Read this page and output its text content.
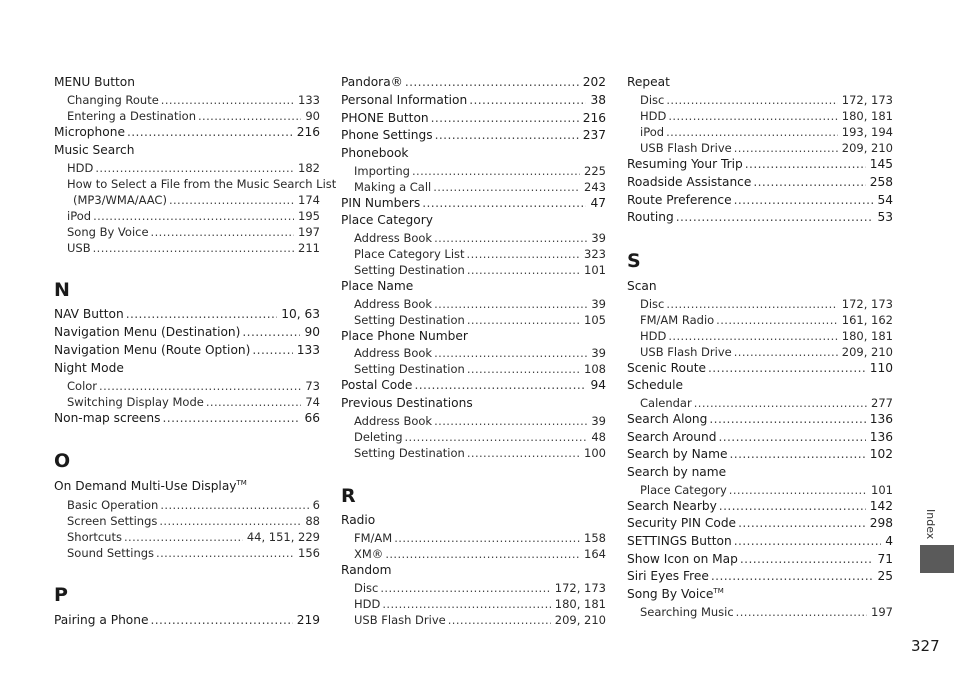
MENU Button
Changing Route .....	133
Entering a Destination .....	90
Microphone .....	216
Music Search
HDD .....	182
How to Select a File from the Music Search List
(MP3/WMA/AAC) .....	174
iPod .....	195
Song By Voice .....	197
USB .....	211
N
NAV Button .....	10, 63
Navigation Menu (Destination) .....	90
Navigation Menu (Route Option) .....	133
Night Mode
Color .....	73
Switching Display Mode .....	74
Non-map screens .....	66
O
On Demand Multi-Use Display™
Basic Operation .....	6
Screen Settings .....	88
Shortcuts .....	44, 151, 229
Sound Settings .....	156
P
Pairing a Phone .....	219
Pandora® .....	202
Personal Information .....	38
PHONE Button .....	216
Phone Settings .....	237
Phonebook
Importing .....	225
Making a Call .....	243
PIN Numbers .....	47
Place Category
Address Book .....	39
Place Category List .....	323
Setting Destination .....	101
Place Name
Address Book .....	39
Setting Destination .....	105
Place Phone Number
Address Book .....	39
Setting Destination .....	108
Postal Code .....	94
Previous Destinations
Address Book .....	39
Deleting .....	48
Setting Destination .....	100
R
Radio
FM/AM .....	158
XM® .....	164
Random
Disc .....	172, 173
HDD .....	180, 181
USB Flash Drive .....	209, 210
Repeat
Disc .....	172, 173
HDD .....	180, 181
iPod .....	193, 194
USB Flash Drive .....	209, 210
Resuming Your Trip .....	145
Roadside Assistance .....	258
Route Preference .....	54
Routing .....	53
S
Scan
Disc .....	172, 173
FM/AM Radio .....	161, 162
HDD .....	180, 181
USB Flash Drive .....	209, 210
Scenic Route .....	110
Schedule
Calendar .....	277
Search Along .....	136
Search Around .....	136
Search by Name .....	102
Search by name
Place Category .....	101
Search Nearby .....	142
Security PIN Code .....	298
SETTINGS Button .....	4
Show Icon on Map .....	71
Siri Eyes Free .....	25
Song By Voice™
Searching Music .....	197
Index
327
